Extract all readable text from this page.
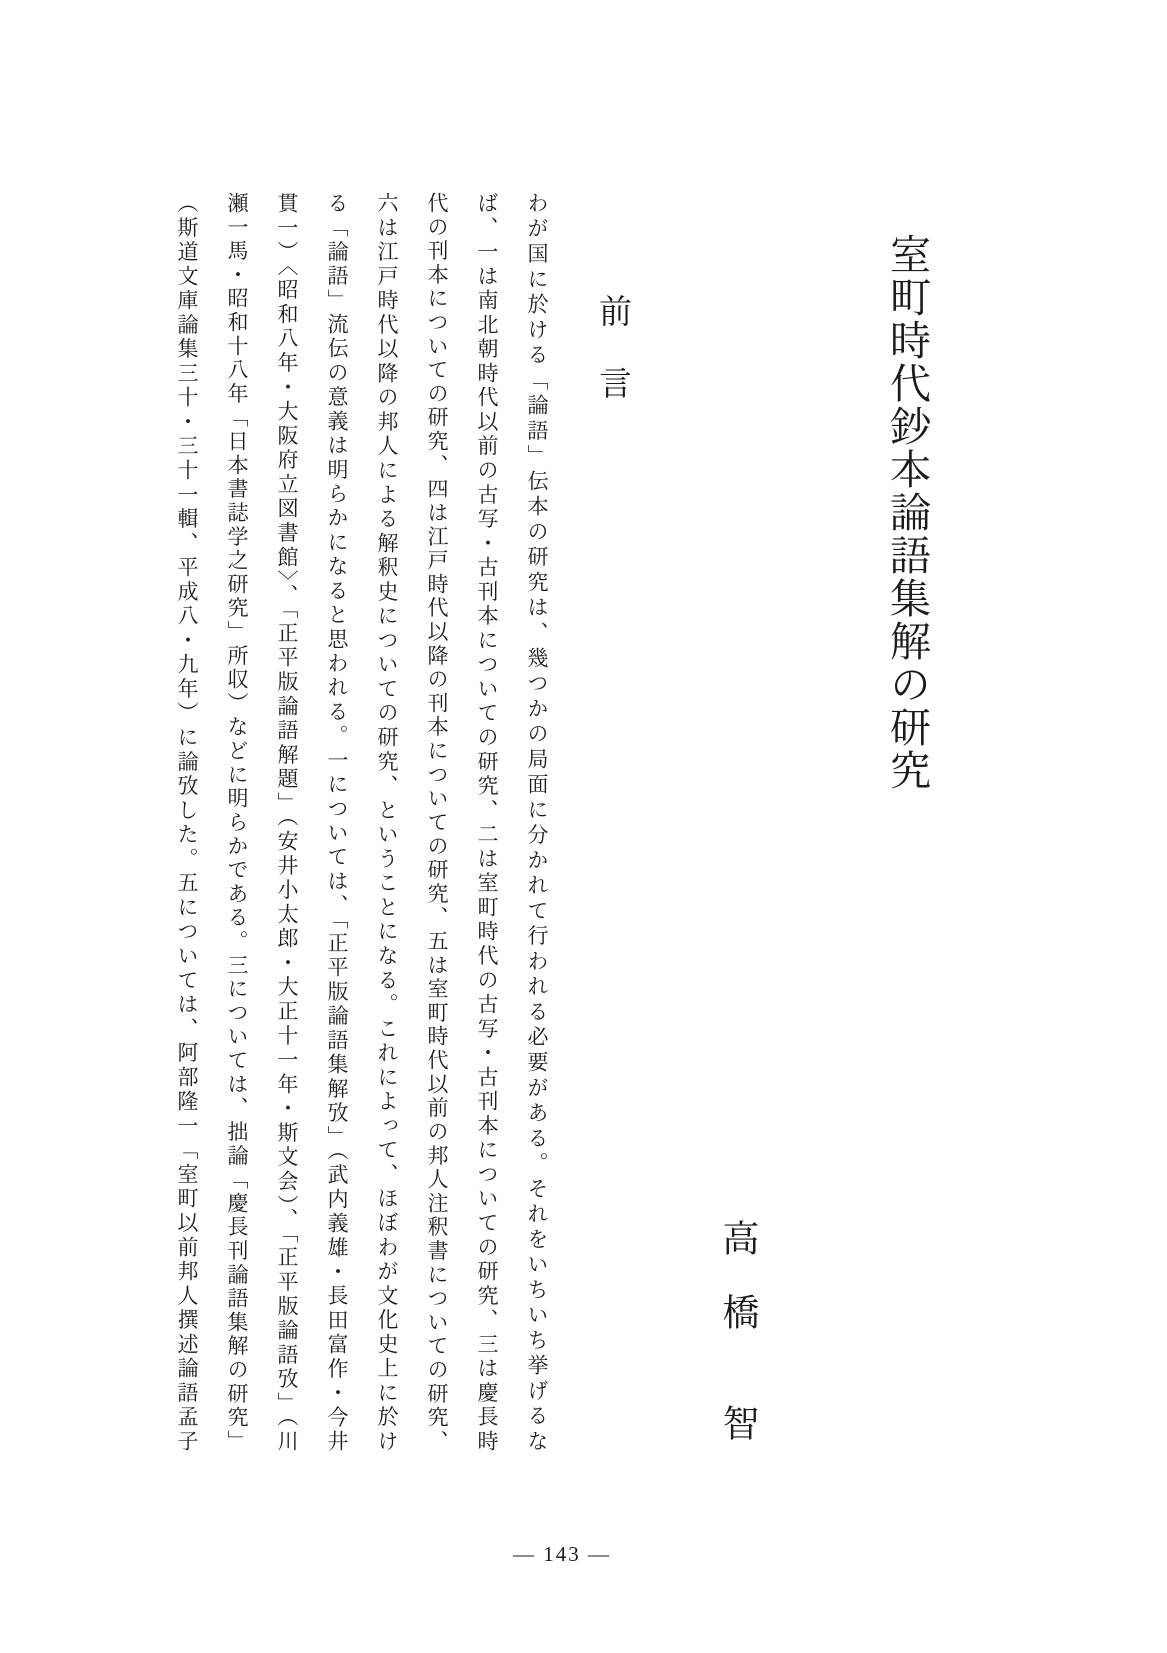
室町時代鈔本論語集解の研究
高　橋　　智
前　言
わが国に於ける「論語」伝本の研究は、幾つかの局面に分かれて行われる必要がある。それをいちいち挙げるな
ば、一は南北朝時代以前の古写・古刊本についての研究、二は室町時代の古写・古刊本についての研究、三は慶長時
代の刊本についての研究、四は江戸時代以降の刊本についての研究、五は室町時代以前の邦人注釈書についての研究、
六は江戸時代以降の邦人による解釈史についての研究、ということになる。これによって、ほぼわが文化史上に於け
る「論語」流伝の意義は明らかになると思われる。一については、「正平版論語集解攷」（武内義雄・長田富作・今井
貫一）〈昭和八年・大阪府立図書館〉、「正平版論語解題」（安井小太郎・大正十一年・斯文会）、「正平版論語攷」（川
瀬一馬・昭和十八年「日本書誌学之研究」所収）などに明らかである。三については、拙論「慶長刊論語集解の研究」
（斯道文庫論集三十・三十一輯、平成八・九年）に論攷した。五については、阿部隆一「室町以前邦人撰述論語孟子
— 143 —
